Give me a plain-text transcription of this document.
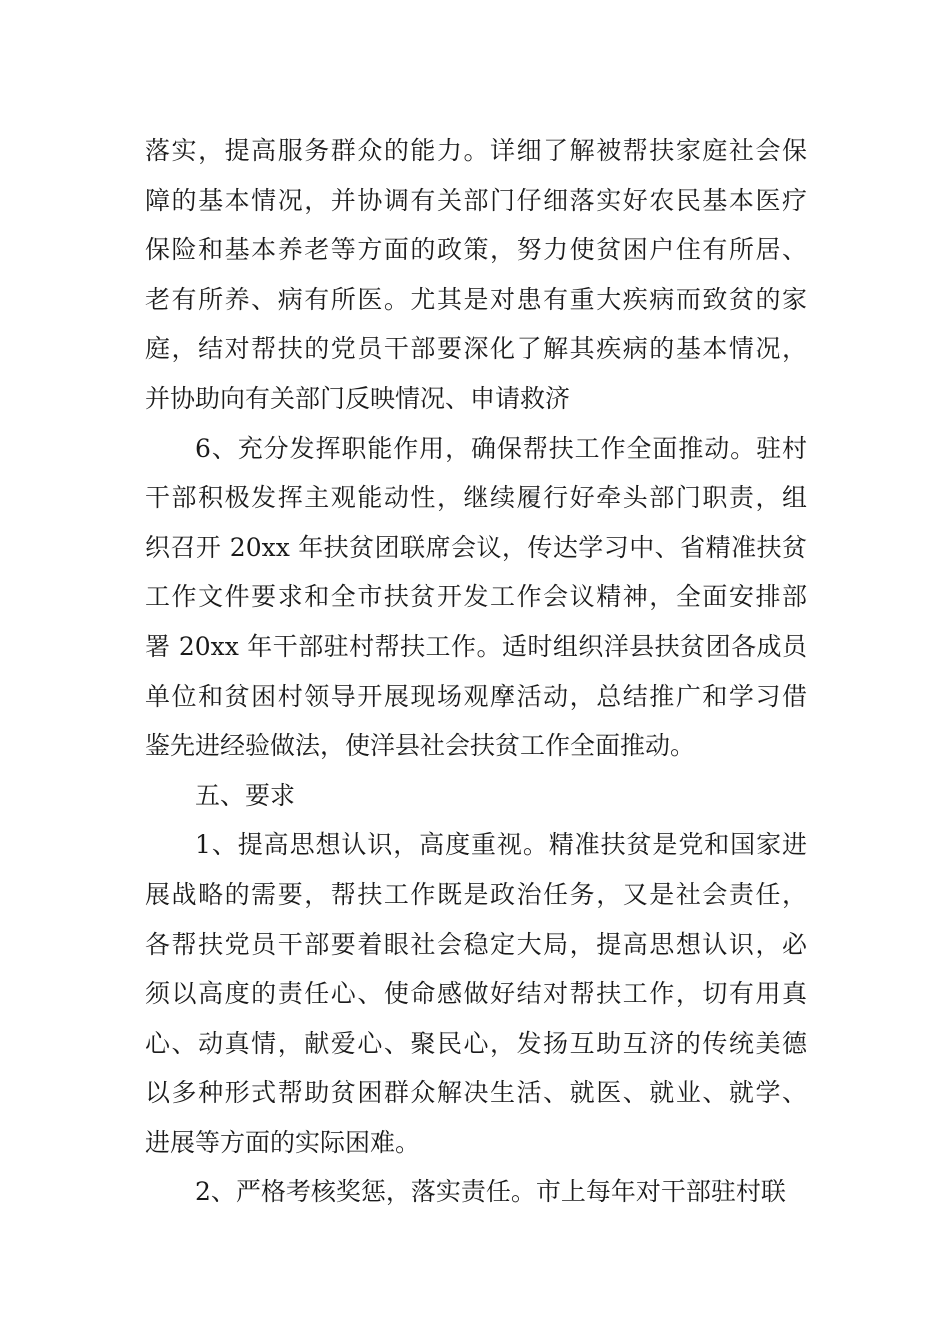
落实，提高服务群众的能力。详细了解被帮扶家庭社会保
障的基本情况，并协调有关部门仔细落实好农民基本医疗
保险和基本养老等方面的政策，努力使贫困户住有所居、
老有所养、病有所医。尤其是对患有重大疾病而致贫的家
庭，结对帮扶的党员干部要深化了解其疾病的基本情况，
并协助向有关部门反映情况、申请救济
6、充分发挥职能作用，确保帮扶工作全面推动。驻村
干部积极发挥主观能动性，继续履行好牵头部门职责，组
织召开 20xx 年扶贫团联席会议，传达学习中、省精准扶贫
工作文件要求和全市扶贫开发工作会议精神，全面安排部
署 20xx 年干部驻村帮扶工作。适时组织洋县扶贫团各成员
单位和贫困村领导开展现场观摩活动，总结推广和学习借
鉴先进经验做法，使洋县社会扶贫工作全面推动。
五、要求
1、提高思想认识，高度重视。精准扶贫是党和国家进
展战略的需要，帮扶工作既是政治任务，又是社会责任，
各帮扶党员干部要着眼社会稳定大局，提高思想认识，必
须以高度的责任心、使命感做好结对帮扶工作，切有用真
心、动真情，献爱心、聚民心，发扬互助互济的传统美德
以多种形式帮助贫困群众解决生活、就医、就业、就学、
进展等方面的实际困难。
2、严格考核奖惩，落实责任。市上每年对干部驻村联
